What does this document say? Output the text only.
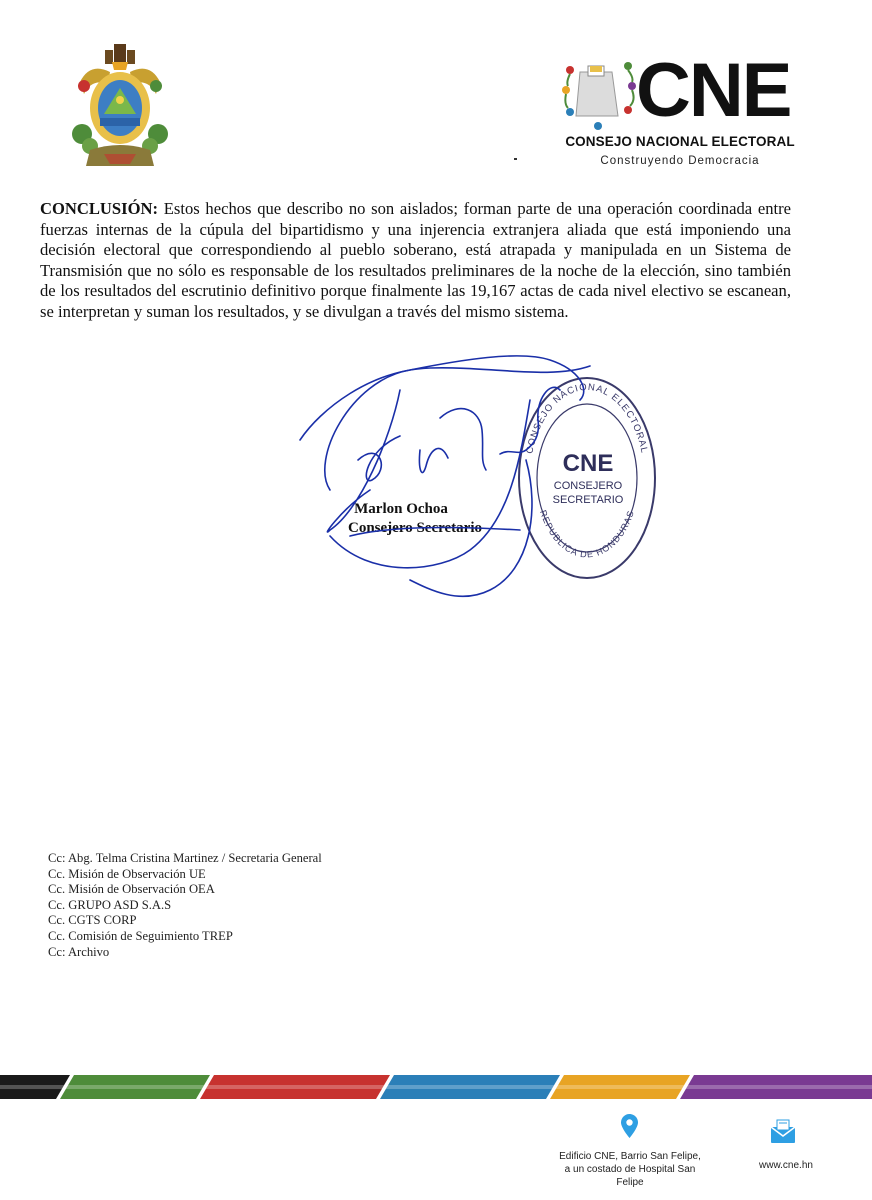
CNE
CONSEJO NACIONAL ELECTORAL
Construyendo Democracia
CONCLUSIÓN: Estos hechos que describo no son aislados; forman parte de una operación coordinada entre fuerzas internas de la cúpula del bipartidismo y una injerencia extranjera aliada que está imponiendo una decisión electoral que correspondiendo al pueblo soberano, está atrapada y manipulada en un Sistema de Transmisión que no sólo es responsable de los resultados preliminares de la noche de la elección, sino también de los resultados del escrutinio definitivo porque finalmente las 19,167 actas de cada nivel electivo se escanean, se interpretan y suman los resultados, y se divulgan a través del mismo sistema.
CONSEJO NACIONAL ELECTORAL
REPUBLICA DE HONDURAS
CNE
CONSEJERO
SECRETARIO
Marlon Ochoa
Consejero Secretario
Cc: Abg. Telma Cristina Martinez / Secretaria General
Cc. Misión de Observación UE
Cc. Misión de Observación OEA
Cc. GRUPO ASD S.A.S
Cc. CGTS CORP
Cc. Comisión de Seguimiento TREP
Cc: Archivo
Edificio CNE, Barrio San Felipe,
a un costado de Hospital San Felipe
www.cne.hn
